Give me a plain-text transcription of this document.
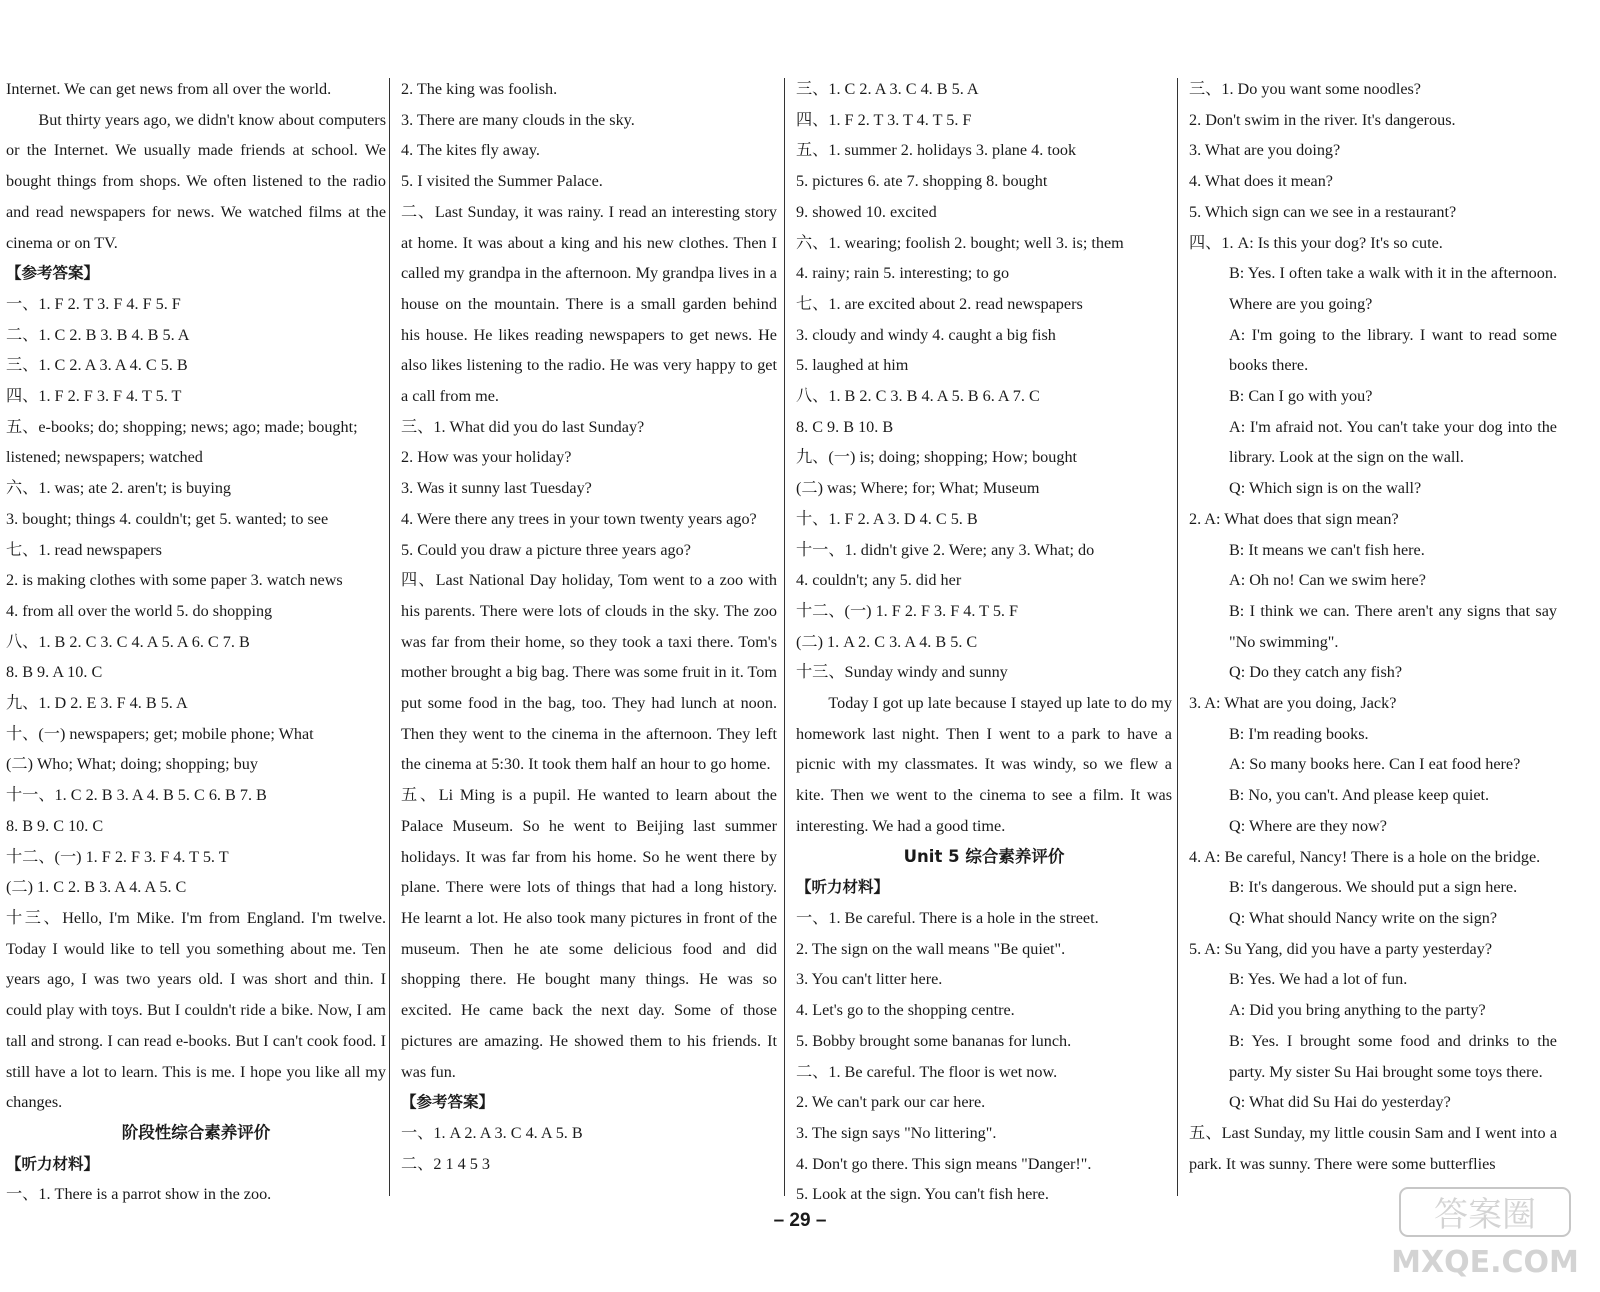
Internet. We can get news from all over the world.
But thirty years ago, we didn't know about computers or the Internet. We usually made friends at school. We bought things from shops. We often listened to the radio and read newspapers for news. We watched films at the cinema or on TV.
【参考答案】
一、1. F 2. T 3. F 4. F 5. F
二、1. C 2. B 3. B 4. B 5. A
三、1. C 2. A 3. A 4. C 5. B
四、1. F 2. F 3. F 4. T 5. T
五、e-books; do; shopping; news; ago; made; bought;
listened; newspapers; watched
六、1. was; ate 2. aren't; is buying
3. bought; things 4. couldn't; get 5. wanted; to see
七、1. read newspapers
2. is making clothes with some paper 3. watch news
4. from all over the world 5. do shopping
八、1. B 2. C 3. C 4. A 5. A 6. C 7. B
8. B 9. A 10. C
九、1. D 2. E 3. F 4. B 5. A
十、(一) newspapers; get; mobile phone; What
(二) Who; What; doing; shopping; buy
十一、1. C 2. B 3. A 4. B 5. C 6. B 7. B
8. B 9. C 10. C
十二、(一) 1. F 2. F 3. F 4. T 5. T
(二) 1. C 2. B 3. A 4. A 5. C
十三、Hello, I'm Mike. I'm from England. I'm twelve. Today I would like to tell you something about me. Ten years ago, I was two years old. I was short and thin. I could play with toys. But I couldn't ride a bike. Now, I am tall and strong. I can read e-books. But I can't cook food. I still have a lot to learn. This is me. I hope you like all my changes.
阶段性综合素养评价
【听力材料】
一、1. There is a parrot show in the zoo.
2. The king was foolish.
3. There are many clouds in the sky.
4. The kites fly away.
5. I visited the Summer Palace.
二、Last Sunday, it was rainy. I read an interesting story at home. It was about a king and his new clothes. Then I called my grandpa in the afternoon. My grandpa lives in a house on the mountain. There is a small garden behind his house. He likes reading newspapers to get news. He also likes listening to the radio. He was very happy to get a call from me.
三、1. What did you do last Sunday?
2. How was your holiday?
3. Was it sunny last Tuesday?
4. Were there any trees in your town twenty years ago?
5. Could you draw a picture three years ago?
四、Last National Day holiday, Tom went to a zoo with his parents. There were lots of clouds in the sky. The zoo was far from their home, so they took a taxi there. Tom's mother brought a big bag. There was some fruit in it. Tom put some food in the bag, too. They had lunch at noon. Then they went to the cinema in the afternoon. They left the cinema at 5:30. It took them half an hour to go home.
五、Li Ming is a pupil. He wanted to learn about the Palace Museum. So he went to Beijing last summer holidays. It was far from his home. So he went there by plane. There were lots of things that had a long history. He learnt a lot. He also took many pictures in front of the museum. Then he ate some delicious food and did shopping there. He bought many things. He was so excited. He came back the next day. Some of those pictures are amazing. He showed them to his friends. It was fun.
【参考答案】
一、1. A 2. A 3. C 4. A 5. B
二、2 1 4 5 3
三、1. C 2. A 3. C 4. B 5. A
四、1. F 2. T 3. T 4. T 5. F
五、1. summer 2. holidays 3. plane 4. took
5. pictures 6. ate 7. shopping 8. bought
9. showed 10. excited
六、1. wearing; foolish 2. bought; well 3. is; them
4. rainy; rain 5. interesting; to go
七、1. are excited about 2. read newspapers
3. cloudy and windy 4. caught a big fish
5. laughed at him
八、1. B 2. C 3. B 4. A 5. B 6. A 7. C
8. C 9. B 10. B
九、(一) is; doing; shopping; How; bought
(二) was; Where; for; What; Museum
十、1. F 2. A 3. D 4. C 5. B
十一、1. didn't give 2. Were; any 3. What; do
4. couldn't; any 5. did her
十二、(一) 1. F 2. F 3. F 4. T 5. F
(二) 1. A 2. C 3. A 4. B 5. C
十三、Sunday windy and sunny
Today I got up late because I stayed up late to do my homework last night. Then I went to a park to have a picnic with my classmates. It was windy, so we flew a kite. Then we went to the cinema to see a film. It was interesting. We had a good time.
Unit 5 综合素养评价
【听力材料】
一、1. Be careful. There is a hole in the street.
2. The sign on the wall means "Be quiet".
3. You can't litter here.
4. Let's go to the shopping centre.
5. Bobby brought some bananas for lunch.
二、1. Be careful. The floor is wet now.
2. We can't park our car here.
3. The sign says "No littering".
4. Don't go there. This sign means "Danger!".
5. Look at the sign. You can't fish here.
三、1. Do you want some noodles?
2. Don't swim in the river. It's dangerous.
3. What are you doing?
4. What does it mean?
5. Which sign can we see in a restaurant?
四、1. A: Is this your dog? It's so cute.
B: Yes. I often take a walk with it in the afternoon. Where are you going?
A: I'm going to the library. I want to read some books there.
B: Can I go with you?
A: I'm afraid not. You can't take your dog into the library. Look at the sign on the wall.
Q: Which sign is on the wall?
2. A: What does that sign mean?
B: It means we can't fish here.
A: Oh no! Can we swim here?
B: I think we can. There aren't any signs that say "No swimming".
Q: Do they catch any fish?
3. A: What are you doing, Jack?
B: I'm reading books.
A: So many books here. Can I eat food here?
B: No, you can't. And please keep quiet.
Q: Where are they now?
4. A: Be careful, Nancy! There is a hole on the bridge.
B: It's dangerous. We should put a sign here.
Q: What should Nancy write on the sign?
5. A: Su Yang, did you have a party yesterday?
B: Yes. We had a lot of fun.
A: Did you bring anything to the party?
B: Yes. I brought some food and drinks to the party. My sister Su Hai brought some toys there.
Q: What did Su Hai do yesterday?
五、Last Sunday, my little cousin Sam and I went into a park. It was sunny. There were some butterflies
– 29 –	答案圈
MXQE.COM
